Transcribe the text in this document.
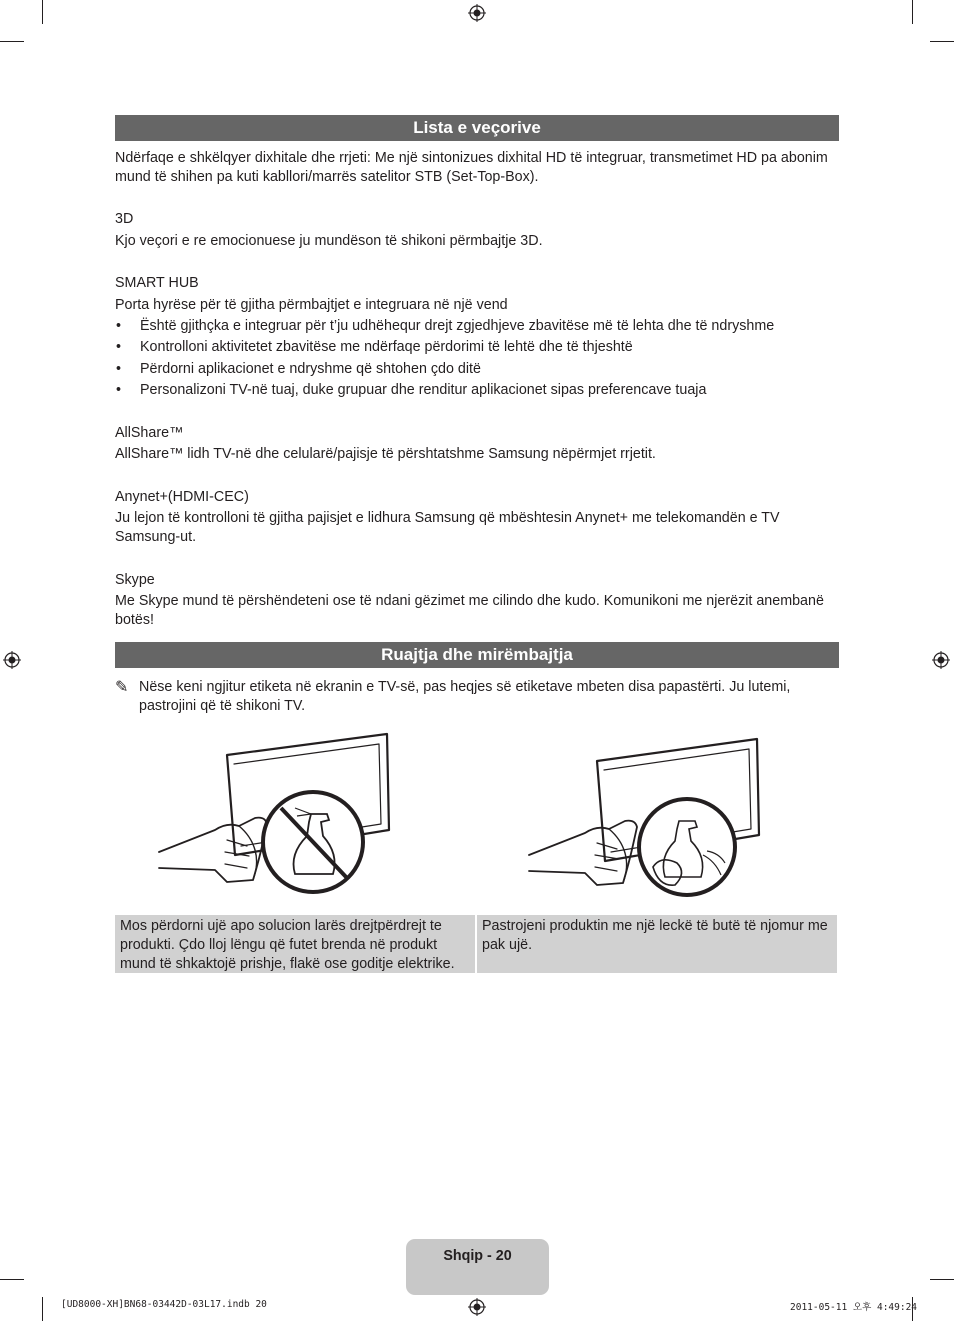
Lista e veçorive
Ndërfaqe e shkëlqyer dixhitale dhe rrjeti: Me një sintonizues dixhital HD të integruar, transmetimet HD pa abonim mund të shihen pa kuti kabllori/marrës satelitor STB (Set-Top-Box).
3D
Kjo veçori e re emocionuese ju mundëson të shikoni përmbajtje 3D.
SMART HUB
Porta hyrëse për të gjitha përmbajtjet e integruara në një vend
• Është gjithçka e integruar për t’ju udhëhequr drejt zgjedhjeve zbavitëse më të lehta dhe të ndryshme
• Kontrolloni aktivitetet zbavitëse me ndërfaqe përdorimi të lehtë dhe të thjeshtë
• Përdorni aplikacionet e ndryshme që shtohen çdo ditë
• Personalizoni TV-në tuaj, duke grupuar dhe renditur aplikacionet sipas preferencave tuaja
AllShare™
AllShare™ lidh TV-në dhe celularë/pajisje të përshtatshme Samsung nëpërmjet rrjetit.
Anynet+(HDMI-CEC)
Ju lejon të kontrolloni të gjitha pajisjet e lidhura Samsung që mbështesin Anynet+ me telekomandën e TV Samsung-ut.
Skype
Me Skype mund të përshëndeteni ose të ndani gëzimet me cilindo dhe kudo. Komunikoni me njerëzit anembanë botës!
Ruajtja dhe mirëmbajtja
✎ Nëse keni ngjitur etiketa në ekranin e TV-së, pas heqjes së etiketave mbeten disa papastërti. Ju lutemi, pastrojini që të shikoni TV.
Mos përdorni ujë apo solucion larës drejtpërdrejt te produkti. Çdo lloj lëngu që futet brenda në produkt mund të shkaktojë prishje, flakë ose goditje elektrike.
Pastrojeni produktin me një leckë të butë të njomur me pak ujë.
Shqip - 20
[UD8000-XH]BN68-03442D-03L17.indb 20	2011-05-11 오후 4:49:24
